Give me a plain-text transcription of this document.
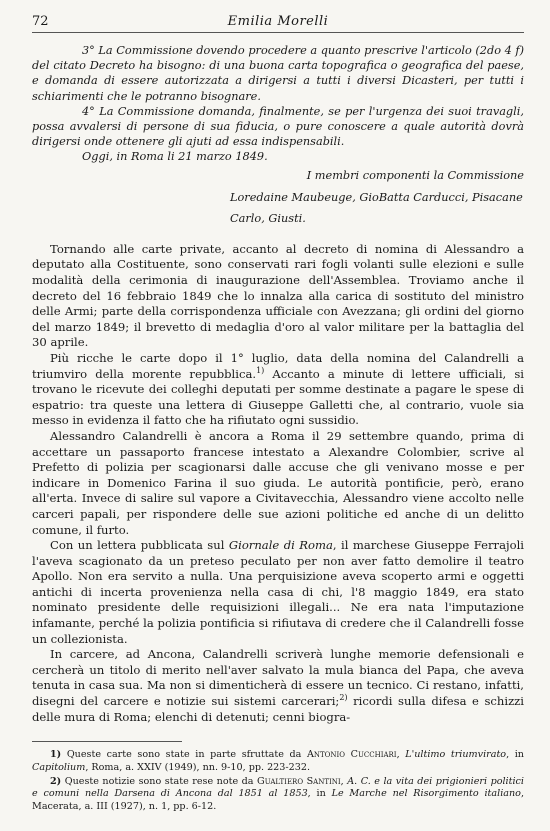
72	Emilia Morelli

3° La Commissione dovendo procedere a quanto prescrive l'articolo (2do 4 f) del citato Decreto ha bisogno: di una buona carta topografica o geografica del paese, e domanda di essere autorizzata a dirigersi a tutti i diversi Dicasteri, per tutti i schiarimenti che le potranno bisognare.

4° La Commissione domanda, finalmente, se per l'urgenza dei suoi travagli, possa avvalersi di persone di sua fiducia, o pure conoscere a quale autorità dovrà dirigersi onde ottenere gli ajuti ad essa indispensabili.

Oggi, in Roma li 21 marzo 1849.

I membri componenti la Commissione
Loredaine Maubeuge, GioBatta Carducci, Pisacane
Carlo, Giusti.

Tornando alle carte private, accanto al decreto di nomina di Alessandro a deputato alla Costituente, sono conservati rari fogli volanti sulle elezioni e sulle modalità della cerimonia di inaugurazione dell'Assemblea. Troviamo anche il decreto del 16 febbraio 1849 che lo innalza alla carica di sostituto del ministro delle Armi; parte della corrispondenza ufficiale con Avezzana; gli ordini del giorno del marzo 1849; il brevetto di medaglia d'oro al valor militare per la battaglia del 30 aprile.

Più ricche le carte dopo il 1° luglio, data della nomina del Calandrelli a triumviro della morente repubblica.$^{1)}$ Accanto a minute di lettere ufficiali, si trovano le ricevute dei colleghi deputati per somme destinate a pagare le spese di espatrio: tra queste una lettera di Giuseppe Galletti che, al contrario, vuole sia messo in evidenza il fatto che ha rifiutato ogni sussidio.

Alessandro Calandrelli è ancora a Roma il 29 settembre quando, prima di accettare un passaporto francese intestato a Alexandre Colombier, scrive al Prefetto di polizia per scagionarsi dalle accuse che gli venivano mosse e per indicare in Domenico Farina il suo giuda. Le autorità pontificie, però, erano all'erta. Invece di salire sul vapore a Civitavecchia, Alessandro viene accolto nelle carceri papali, per rispondere delle sue azioni politiche ed anche di un delitto comune, il furto.

Con un lettera pubblicata sul Giornale di Roma, il marchese Giuseppe Ferrajoli l'aveva scagionato da un preteso peculato per non aver fatto demolire il teatro Apollo. Non era servito a nulla. Una perquisizione aveva scoperto armi e oggetti antichi di incerta provenienza nella casa di chi, l'8 maggio 1849, era stato nominato presidente delle requisizioni illegali... Ne era nata l'imputazione infamante, perché la polizia pontificia si rifiutava di credere che il Calandrelli fosse un collezionista.

In carcere, ad Ancona, Calandrelli scriverà lunghe memorie defensionali e cercherà un titolo di merito nell'aver salvato la mula bianca del Papa, che aveva tenuta in casa sua. Ma non si dimenticherà di essere un tecnico. Ci restano, infatti, disegni del carcere e notizie sui sistemi carcerari;$^{2)}$ ricordi sulla difesa e schizzi delle mura di Roma; elenchi di detenuti; cenni biogra-

1) Queste carte sono state in parte sfruttate da Antonio Cucchiari, L'ultimo triumvirato, in Capitolium, Roma, a. XXIV (1949), nn. 9-10, pp. 223-232.

2) Queste notizie sono state rese note da Gualtiero Santini, A. C. e la vita dei prigionieri politici e comuni nella Darsena di Ancona dal 1851 al 1853, in Le Marche nel Risorgimento italiano, Macerata, a. III (1927), n. 1, pp. 6-12.
